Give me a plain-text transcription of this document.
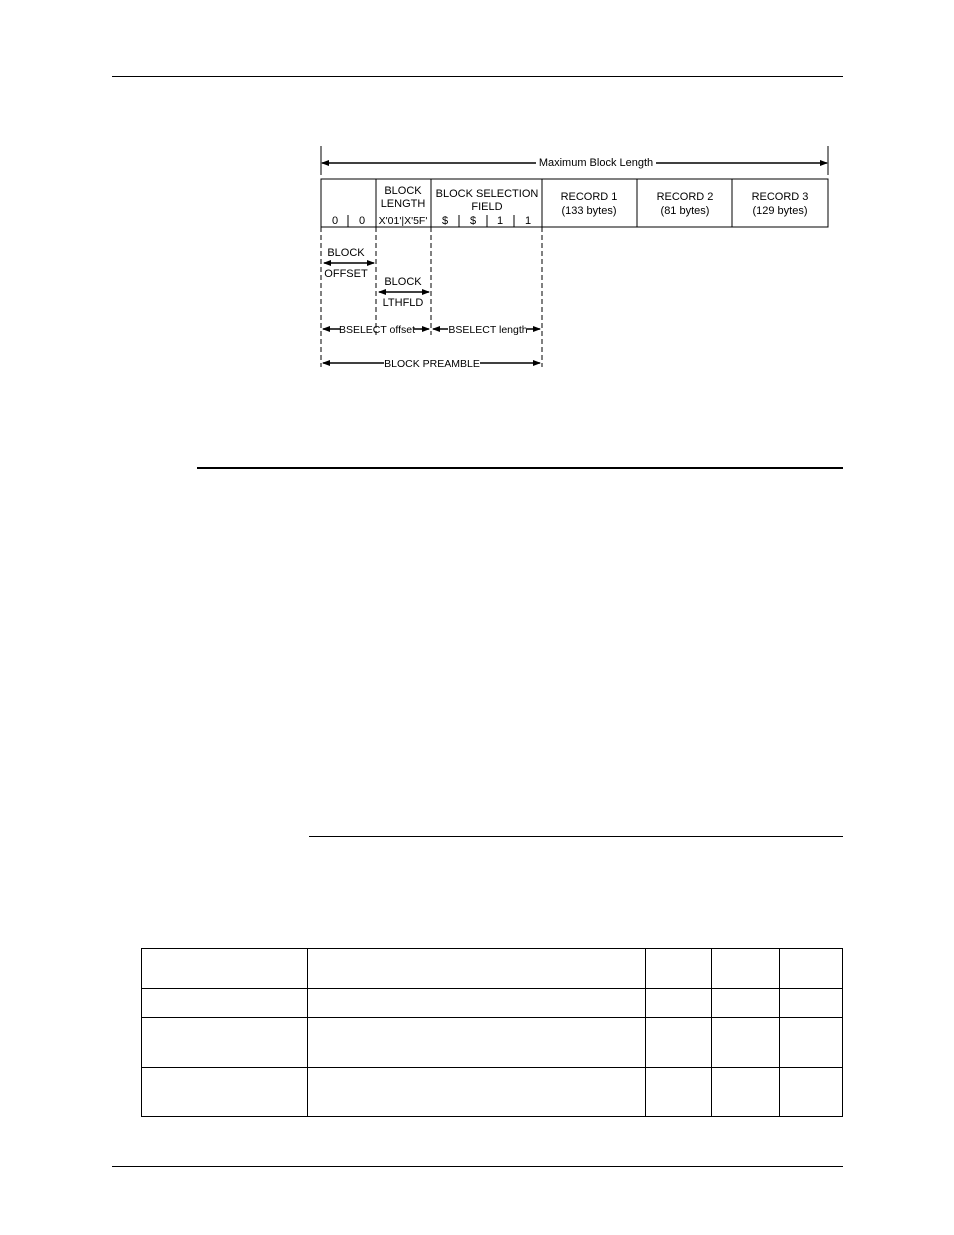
Maximum Block Length
0 0
BLOCK
LENGTH
X'01'|X'5F'
BLOCK SELECTION
FIELD
$ $ 1 1
RECORD 1
(133 bytes)
RECORD 2
(81 bytes)
RECORD 3
(129 bytes)
BLOCK
OFFSET
BLOCK
LTHFLD
BSELECT offset	BSELECT length
BLOCK PREAMBLE
